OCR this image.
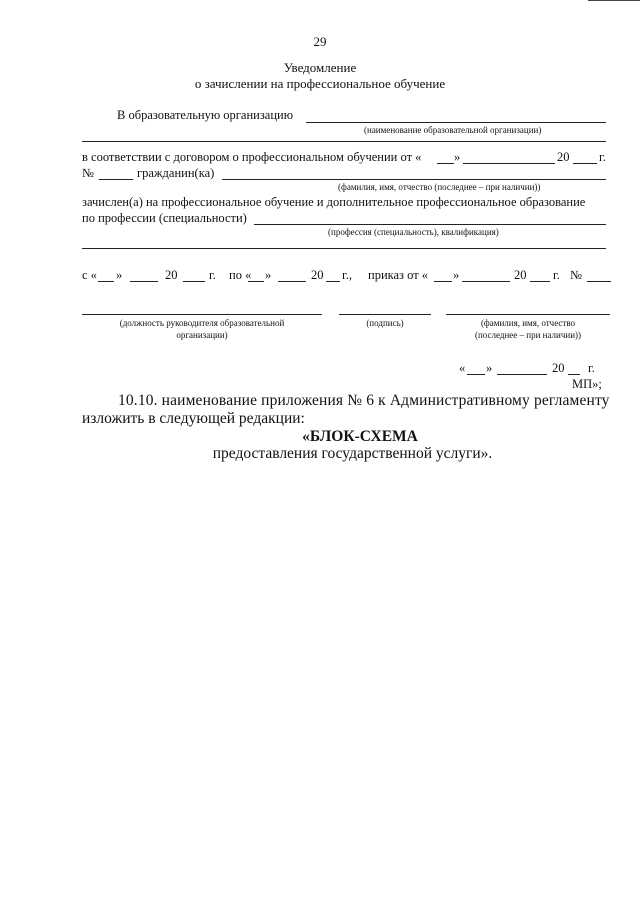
29
Уведомление
о зачислении на профессиональное обучение
В образовательную организацию
(наименование образовательной организации)
в соответствии с договором о профессиональном обучении от «	»	20 г.
№	гражданин(ка)
(фамилия, имя, отчество (последнее – при наличии))
зачислен(а) на профессиональное обучение и дополнительное профессиональное образование
по профессии (специальности)
(профессия (специальность), квалификация)
с « »	20	г. по « »	20 г., приказ от « »	20 г. №
(должность руководителя образовательной
организации)
(подпись)	(фамилия, имя, отчество
(последнее – при наличии))
« »	20 г.
МП»;
10.10. наименование приложения № 6 к Административному регламенту
изложить в следующей редакции:
«БЛОК-СХЕМА
предоставления государственной услуги».
